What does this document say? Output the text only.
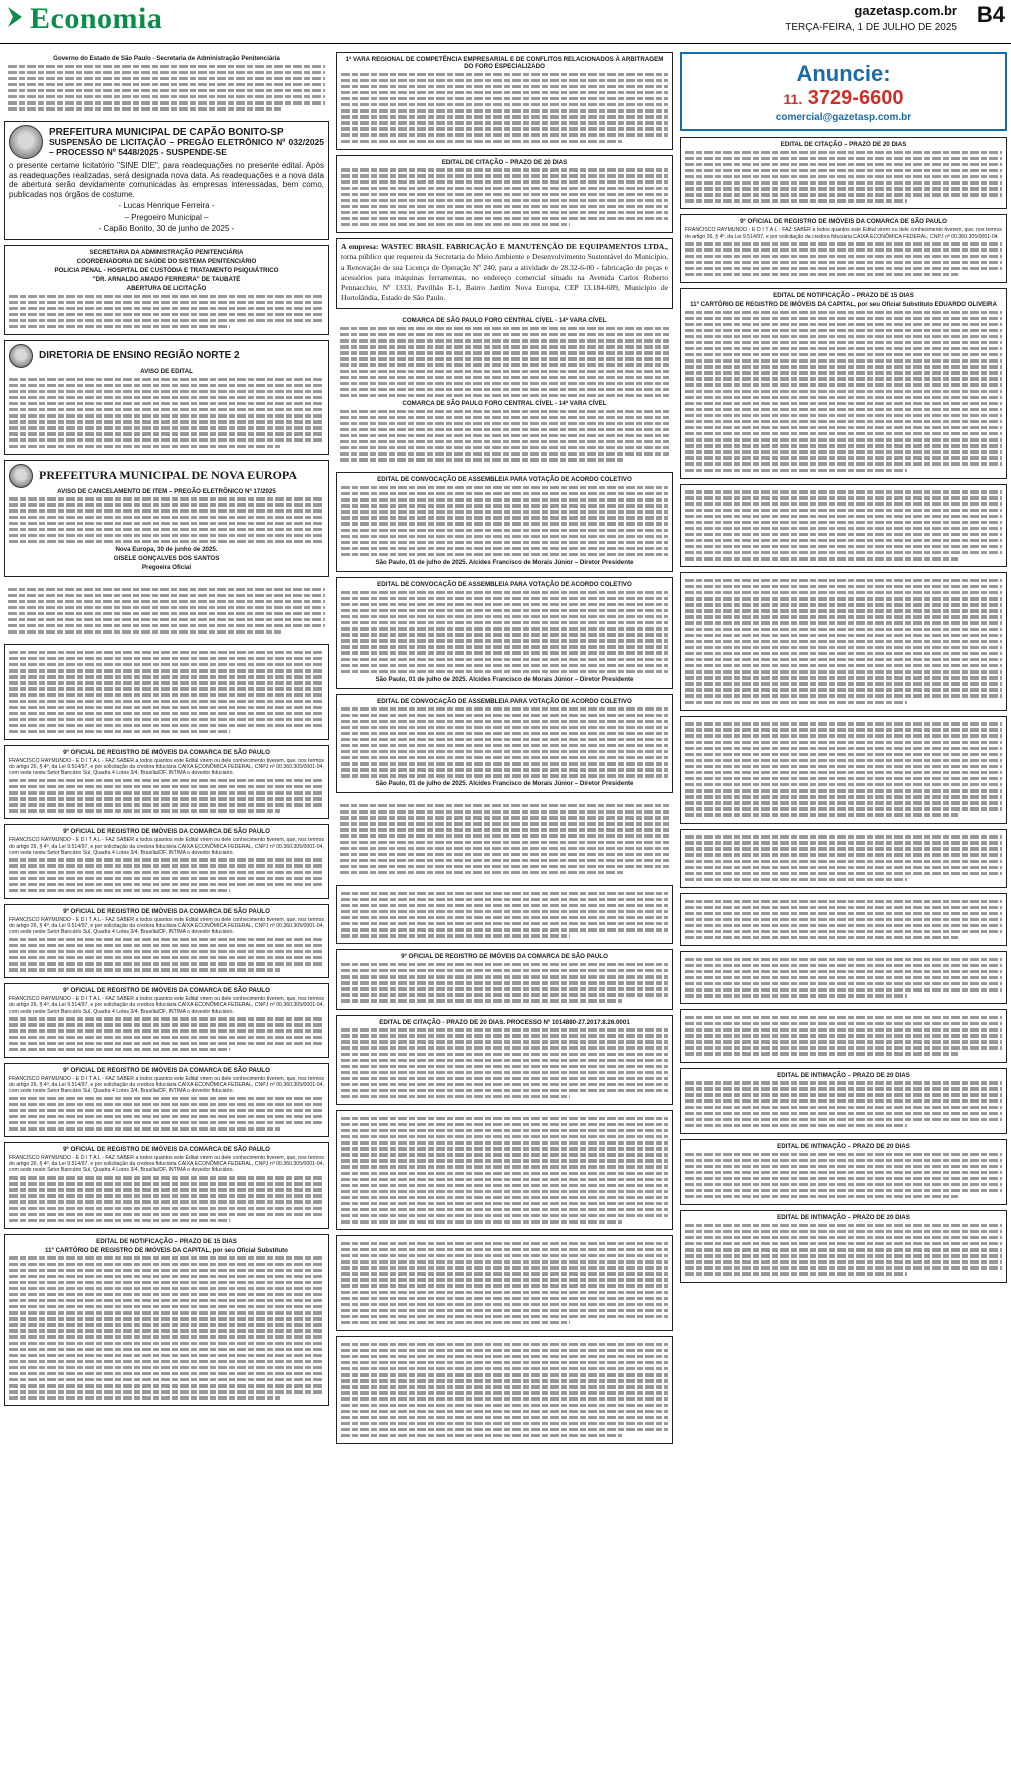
Economia	gazetasp.com.br
TERÇA-FEIRA, 1 DE JULHO DE 2025
B4

Governo do Estado de São Paulo - Secretaria de Administração Penitenciária

PREFEITURA MUNICIPAL DE CAPÃO BONITO-SP
SUSPENSÃO DE LICITAÇÃO – PREGÃO ELETRÔNICO Nº 032/2025 – PROCESSO Nº 5448/2025 - SUSPENDE-SE

o presente certame licitatório "SINE DIE", para readequações no presente edital. Após as readequações realizadas, será designada nova data. As readequações e a nova data de abertura serão devidamente comunicadas às empresas interessadas, bem como, publicadas nos órgãos de costume.

- Lucas Henrique Ferreira -

– Pregoeiro Municipal –

- Capão Bonito, 30 de junho de 2025 -

SECRETARIA DA ADMINISTRAÇÃO PENITENCIÁRIA

COORDENADORIA DE SAÚDE DO SISTEMA PENITENCIÁRIO

POLICIA PENAL - HOSPITAL DE CUSTÓDIA E TRATAMENTO PSIQUIÁTRICO

"DR. ARNALDO AMADO FERREIRA" DE TAUBATÉ

ABERTURA DE LICITAÇÃO

DIRETORIA DE ENSINO REGIÃO NORTE 2

AVISO DE EDITAL

PREFEITURA MUNICIPAL DE NOVA EUROPA

AVISO DE CANCELAMENTO DE ITEM – PREGÃO ELETRÔNICO Nº 17/2025

Nova Europa, 30 de junho de 2025.

GISELE GONÇALVES DOS SANTOS

Pregoeira Oficial

9º OFICIAL DE REGISTRO DE IMÓVEIS DA COMARCA DE SÃO PAULO

FRANCISCO RAYMUNDO - E D I T A L - FAZ SABER a todos quantos este Edital virem ou dele conhecimento tiverem, que, nos termos do artigo 26, § 4º, da Lei 9.514/97, e por solicitação da credora fiduciária CAIXA ECONÔMICA FEDERAL, CNPJ nº 00.360.305/0001-04, com sede neste Setor Bancário Sul, Quadra 4 Lotes 3/4, Brasília/DF, INTIMA o devedor fiduciário.

9º OFICIAL DE REGISTRO DE IMÓVEIS DA COMARCA DE SÃO PAULO

FRANCISCO RAYMUNDO - E D I T A L - FAZ SABER a todos quantos este Edital virem ou dele conhecimento tiverem, que, nos termos do artigo 26, § 4º, da Lei 9.514/97, e por solicitação da credora fiduciária CAIXA ECONÔMICA FEDERAL, CNPJ nº 00.360.305/0001-04, com sede neste Setor Bancário Sul, Quadra 4 Lotes 3/4, Brasília/DF, INTIMA o devedor fiduciário.

9º OFICIAL DE REGISTRO DE IMÓVEIS DA COMARCA DE SÃO PAULO

FRANCISCO RAYMUNDO - E D I T A L - FAZ SABER a todos quantos este Edital virem ou dele conhecimento tiverem, que, nos termos do artigo 26, § 4º, da Lei 9.514/97, e por solicitação da credora fiduciária CAIXA ECONÔMICA FEDERAL, CNPJ nº 00.360.305/0001-04, com sede neste Setor Bancário Sul, Quadra 4 Lotes 3/4, Brasília/DF, INTIMA o devedor fiduciário.

9º OFICIAL DE REGISTRO DE IMÓVEIS DA COMARCA DE SÃO PAULO

FRANCISCO RAYMUNDO - E D I T A L - FAZ SABER a todos quantos este Edital virem ou dele conhecimento tiverem, que, nos termos do artigo 26, § 4º, da Lei 9.514/97, e por solicitação da credora fiduciária CAIXA ECONÔMICA FEDERAL, CNPJ nº 00.360.305/0001-04, com sede neste Setor Bancário Sul, Quadra 4 Lotes 3/4, Brasília/DF, INTIMA o devedor fiduciário.

9º OFICIAL DE REGISTRO DE IMÓVEIS DA COMARCA DE SÃO PAULO

FRANCISCO RAYMUNDO - E D I T A L - FAZ SABER a todos quantos este Edital virem ou dele conhecimento tiverem, que, nos termos do artigo 26, § 4º, da Lei 9.514/97, e por solicitação da credora fiduciária CAIXA ECONÔMICA FEDERAL, CNPJ nº 00.360.305/0001-04, com sede neste Setor Bancário Sul, Quadra 4 Lotes 3/4, Brasília/DF, INTIMA o devedor fiduciário.

9º OFICIAL DE REGISTRO DE IMÓVEIS DA COMARCA DE SÃO PAULO

FRANCISCO RAYMUNDO - E D I T A L - FAZ SABER a todos quantos este Edital virem ou dele conhecimento tiverem, que, nos termos do artigo 26, § 4º, da Lei 9.514/97, e por solicitação da credora fiduciária CAIXA ECONÔMICA FEDERAL, CNPJ nº 00.360.305/0001-04, com sede neste Setor Bancário Sul, Quadra 4 Lotes 3/4, Brasília/DF, INTIMA o devedor fiduciário.

EDITAL DE NOTIFICAÇÃO – PRAZO DE 15 DIAS

11º CARTÓRIO DE REGISTRO DE IMÓVEIS DA CAPITAL, por seu Oficial Substituto

1ª VARA REGIONAL DE COMPETÊNCIA EMPRESARIAL E DE CONFLITOS RELACIONADOS À ARBITRAGEM DO FORO ESPECIALIZADO

EDITAL DE CITAÇÃO – PRAZO DE 20 DIAS

A empresa: WASTEC BRASIL FABRICAÇÃO E MANUTENÇÃO DE EQUIPAMENTOS LTDA., torna público que requereu da Secretaria do Meio Ambiente e Desenvolvimento Sustentável do Município, a Renovação de sua Licença de Operação Nº 240, para a atividade de 28.32-6-00 - fabricação de peças e acessórios para máquinas ferramentas, no endereço comercial situado na Avenida Carlos Roberto Pennacchio, Nº 1333, Pavilhão E-1, Bairro Jardim Nova Europa, CEP 13.184-689, Município de Hortolândia, Estado de São Paulo.

COMARCA DE SÃO PAULO FORO CENTRAL CÍVEL - 14ª VARA CÍVEL

COMARCA DE SÃO PAULO FORO CENTRAL CÍVEL - 14ª VARA CÍVEL

EDITAL DE CONVOCAÇÃO DE ASSEMBLEIA PARA VOTAÇÃO DE ACORDO COLETIVO

São Paulo, 01 de julho de 2025. Alcides Francisco de Morais Júnior – Diretor Presidente

EDITAL DE CONVOCAÇÃO DE ASSEMBLEIA PARA VOTAÇÃO DE ACORDO COLETIVO

São Paulo, 01 de julho de 2025. Alcides Francisco de Morais Júnior – Diretor Presidente

EDITAL DE CONVOCAÇÃO DE ASSEMBLEIA PARA VOTAÇÃO DE ACORDO COLETIVO

São Paulo, 01 de julho de 2025. Alcides Francisco de Morais Júnior – Diretor Presidente

9º OFICIAL DE REGISTRO DE IMÓVEIS DA COMARCA DE SÃO PAULO

EDITAL DE CITAÇÃO - PRAZO DE 20 DIAS. PROCESSO Nº 1014880-27.2017.8.26.0001

Anuncie:
11. 3729-6600
comercial@gazetasp.com.br

EDITAL DE CITAÇÃO – PRAZO DE 20 DIAS

9º OFICIAL DE REGISTRO DE IMÓVEIS DA COMARCA DE SÃO PAULO

FRANCISCO RAYMUNDO - E D I T A L - FAZ SABER a todos quantos este Edital virem ou dele conhecimento tiverem, que, nos termos do artigo 26, § 4º, da Lei 9.514/97, e por solicitação da credora fiduciária CAIXA ECONÔMICA FEDERAL, CNPJ nº 00.360.305/0001-04.

EDITAL DE NOTIFICAÇÃO – PRAZO DE 15 DIAS

11º CARTÓRIO DE REGISTRO DE IMÓVEIS DA CAPITAL, por seu Oficial Substituto EDUARDO OLIVEIRA

EDITAL DE INTIMAÇÃO – PRAZO DE 20 DIAS

EDITAL DE INTIMAÇÃO – PRAZO DE 20 DIAS

EDITAL DE INTIMAÇÃO – PRAZO DE 20 DIAS
